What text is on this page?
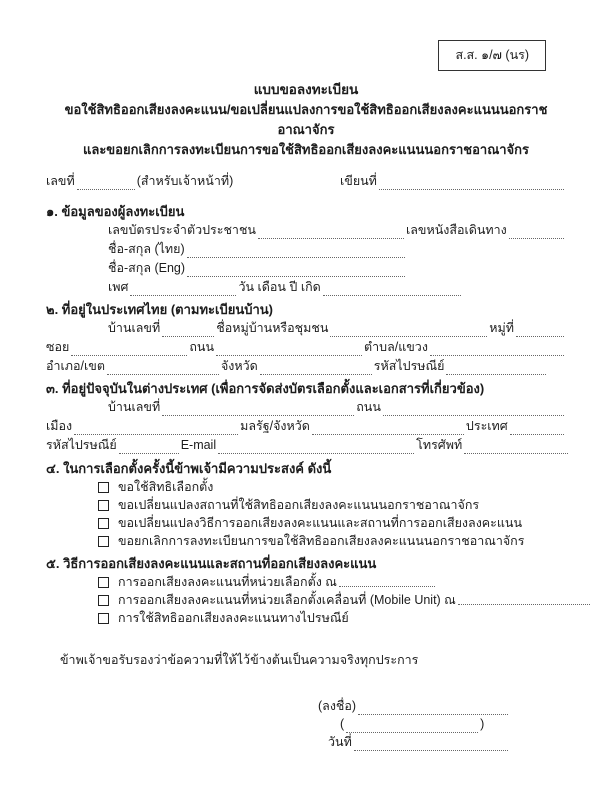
ส.ส. ๑/๗ (นร)
แบบขอลงทะเบียน
ขอใช้สิทธิออกเสียงลงคะแนน/ขอเปลี่ยนแปลงการขอใช้สิทธิออกเสียงลงคะแนนนอกราชอาณาจักร
และขอยกเลิกการลงทะเบียนการขอใช้สิทธิออกเสียงลงคะแนนนอกราชอาณาจักร
เลขที่	(สำหรับเจ้าหน้าที่)	เขียนที่
๑. ข้อมูลของผู้ลงทะเบียน
เลขบัตรประจำตัวประชาชน	เลขหนังสือเดินทาง
ชื่อ-สกุล (ไทย)
ชื่อ-สกุล (Eng)
เพศ	วัน เดือน ปี เกิด
๒. ที่อยู่ในประเทศไทย (ตามทะเบียนบ้าน)
บ้านเลขที่	ชื่อหมู่บ้านหรือชุมชน	หมู่ที่
ซอย	ถนน	ตำบล/แขวง
อำเภอ/เขต	จังหวัด	รหัสไปรษณีย์
๓. ที่อยู่ปัจจุบันในต่างประเทศ (เพื่อการจัดส่งบัตรเลือกตั้งและเอกสารที่เกี่ยวข้อง)
บ้านเลขที่	ถนน
เมือง	มลรัฐ/จังหวัด	ประเทศ
รหัสไปรษณีย์	E-mail	โทรศัพท์
๔. ในการเลือกตั้งครั้งนี้ข้าพเจ้ามีความประสงค์ ดังนี้
ขอใช้สิทธิเลือกตั้ง
ขอเปลี่ยนแปลงสถานที่ใช้สิทธิออกเสียงลงคะแนนนอกราชอาณาจักร
ขอเปลี่ยนแปลงวิธีการออกเสียงลงคะแนนและสถานที่การออกเสียงลงคะแนน
ขอยกเลิกการลงทะเบียนการขอใช้สิทธิออกเสียงลงคะแนนนอกราชอาณาจักร
๕. วิธีการออกเสียงลงคะแนนและสถานที่ออกเสียงลงคะแนน
การออกเสียงลงคะแนนที่หน่วยเลือกตั้ง ณ
การออกเสียงลงคะแนนที่หน่วยเลือกตั้งเคลื่อนที่ (Mobile Unit) ณ
การใช้สิทธิออกเสียงลงคะแนนทางไปรษณีย์
ข้าพเจ้าขอรับรองว่าข้อความที่ให้ไว้ข้างต้นเป็นความจริงทุกประการ
(ลงชื่อ)
(	)
วันที่
